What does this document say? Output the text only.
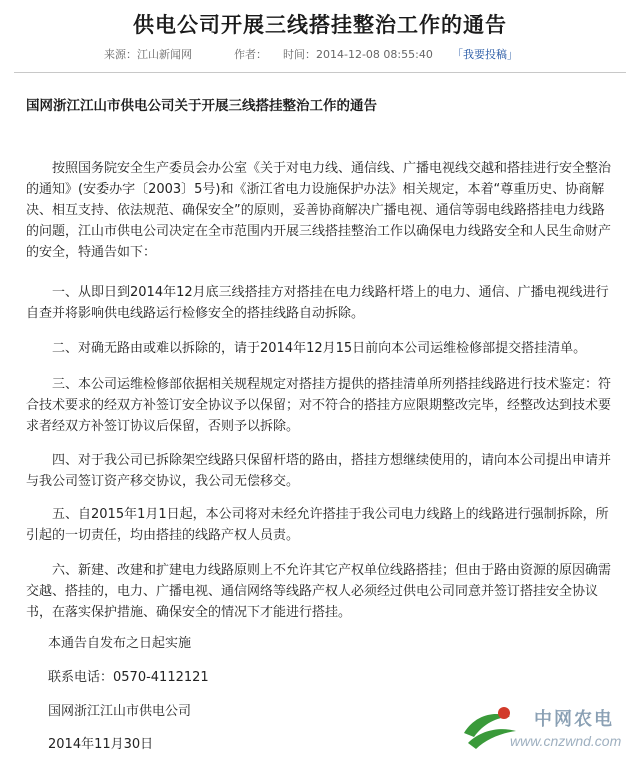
供电公司开展三线搭挂整治工作的通告
来源：江山新闻网	作者： 时间：2014-12-08 08:55:40 「我要投稿」
国网浙江江山市供电公司关于开展三线搭挂整治工作的通告
按照国务院安全生产委员会办公室《关于对电力线、通信线、广播电视线交越和搭挂进行安全整治的通知》(安委办字〔2003〕5号)和《浙江省电力设施保护办法》相关规定，本着“尊重历史、协商解决、相互支持、依法规范、确保安全”的原则，妥善协商解决广播电视、通信等弱电线路搭挂电力线路的问题，江山市供电公司决定在全市范围内开展三线搭挂整治工作以确保电力线路安全和人民生命财产的安全，特通告如下：
一、从即日到2014年12月底三线搭挂方对搭挂在电力线路杆塔上的电力、通信、广播电视线进行自查并将影响供电线路运行检修安全的搭挂线路自动拆除。
二、对确无路由或难以拆除的，请于2014年12月15日前向本公司运维检修部提交搭挂清单。
三、本公司运维检修部依据相关规程规定对搭挂方提供的搭挂清单所列搭挂线路进行技术鉴定：符合技术要求的经双方补签订安全协议予以保留；对不符合的搭挂方应限期整改完毕，经整改达到技术要求者经双方补签订协议后保留，否则予以拆除。
四、对于我公司已拆除架空线路只保留杆塔的路由，搭挂方想继续使用的，请向本公司提出申请并与我公司签订资产移交协议，我公司无偿移交。
五、自2015年1月1日起，本公司将对未经允许搭挂于我公司电力线路上的线路进行强制拆除，所引起的一切责任，均由搭挂的线路产权人员责。
六、新建、改建和扩建电力线路原则上不允许其它产权单位线路搭挂；但由于路由资源的原因确需交越、搭挂的，电力、广播电视、通信网络等线路产权人必须经过供电公司同意并签订搭挂安全协议书，在落实保护措施、确保安全的情况下才能进行搭挂。
本通告自发布之日起实施
联系电话：0570-4112121
国网浙江江山市供电公司
2014年11月30日
中网农电
www.cnzwnd.com
